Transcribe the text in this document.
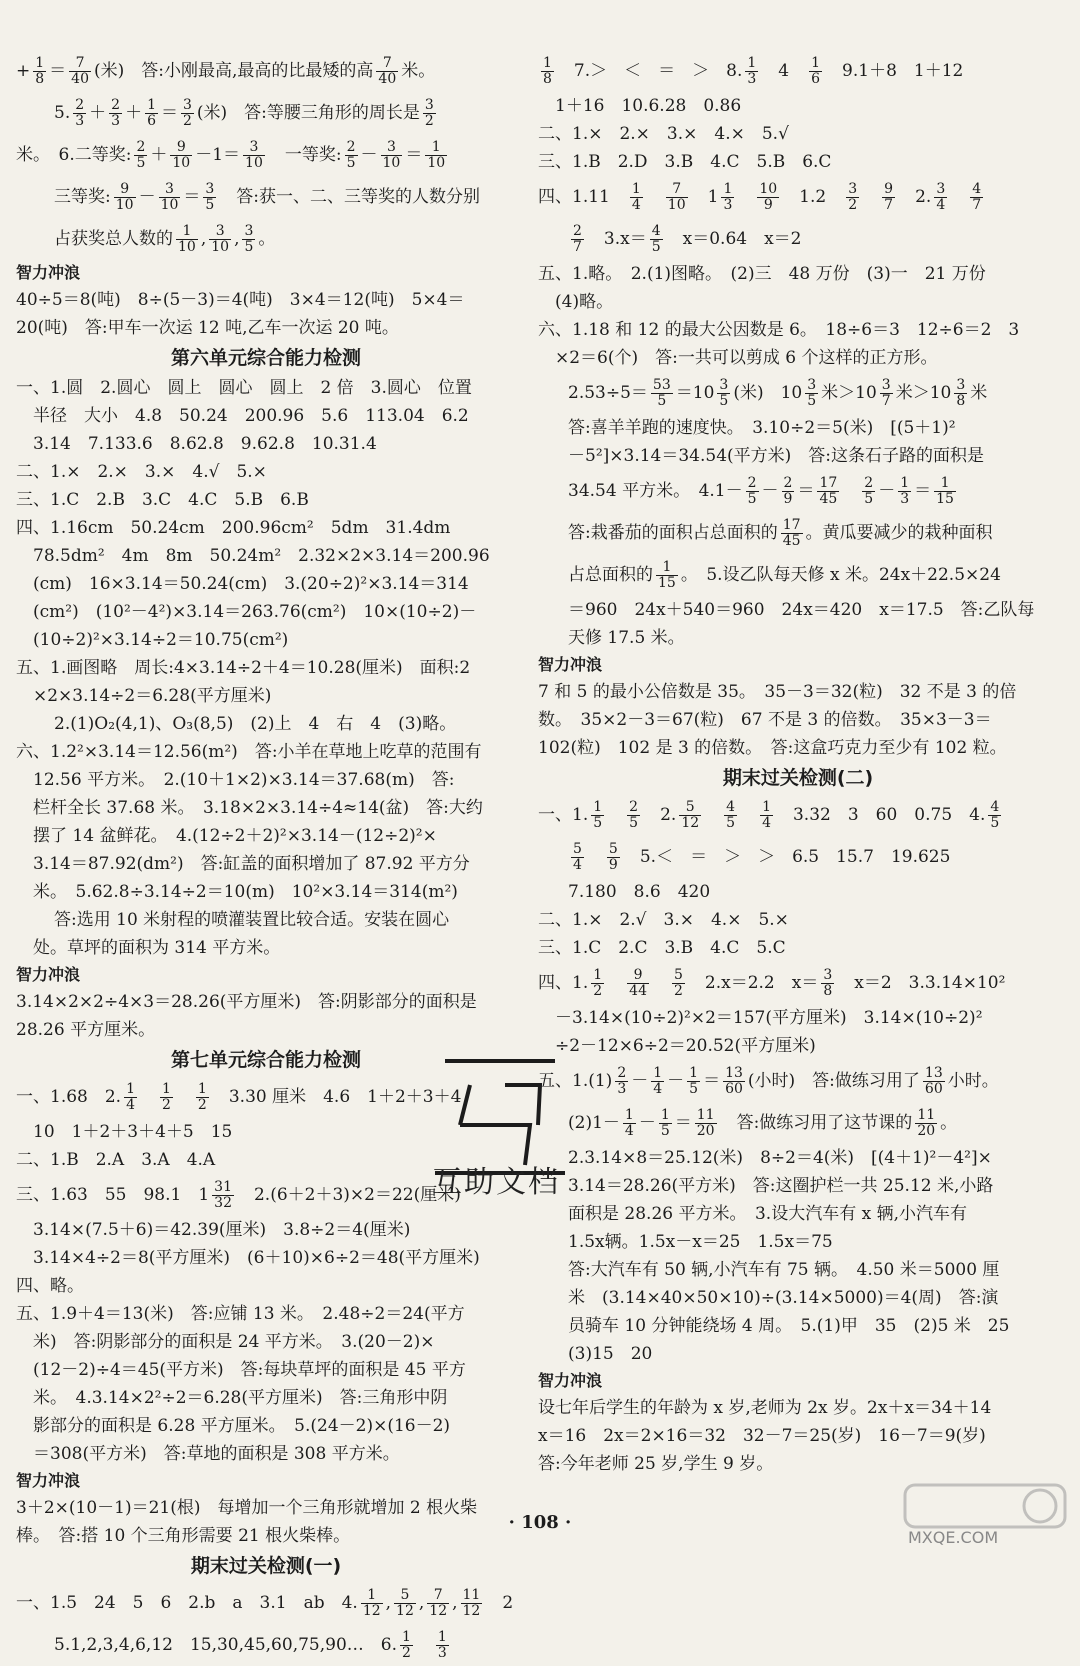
+ $\frac{1}{8} = \frac{7}{40}$ (米)　答:小刚最高,最高的比最矮的高 $\frac{7}{40}$ 米。
5. $\frac{2}{3} + \frac{2}{3} + \frac{1}{6} = \frac{3}{2}$ (米)　答:等腰三角形的周长是 $\frac{3}{2}$
米。　6.二等奖: $\frac{2}{5} + \frac{9}{10} -1= \frac{3}{10}$ 　一等奖: $\frac{2}{5} - \frac{3}{10} = \frac{1}{10}$
三等奖: $\frac{9}{10} - \frac{3}{10} = \frac{3}{5}$ 　答:获一、二、三等奖的人数分别
占获奖总人数的 $\frac{1}{10}$ , $\frac{3}{10}$ , $\frac{3}{5}$ 。
智力冲浪
40÷5＝8(吨)　8÷(5－3)＝4(吨)　3×4＝12(吨)　5×4＝
20(吨)　答:甲车一次运 12 吨,乙车一次运 20 吨。
第六单元综合能力检测
一、1.圆　2.圆心　圆上　圆心　圆上　2 倍　3.圆心　位置
　半径　大小　4.8　50.24　200.96　5.6　113.04　6.2
　3.14　7.133.6　8.62.8　9.62.8　10.31.4
二、1.×　2.×　3.×　4.√　5.×
三、1.C　2.B　3.C　4.C　5.B　6.B
四、1.16cm　50.24cm　200.96cm²　5dm　31.4dm
　78.5dm²　4m　8m　50.24m²　2.32×2×3.14＝200.96
　(cm)　16×3.14＝50.24(cm)　3.(20÷2)²×3.14＝314
　(cm²)　(10²－4²)×3.14＝263.76(cm²)　10×(10÷2)－
　(10÷2)²×3.14÷2＝10.75(cm²)
五、1.画图略　周长:4×3.14÷2＋4＝10.28(厘米)　面积:2
　×2×3.14÷2＝6.28(平方厘米)
2.(1)O₂(4,1)、O₃(8,5)　(2)上　4　右　4　(3)略。
六、1.2²×3.14＝12.56(m²)　答:小羊在草地上吃草的范围有
　12.56 平方米。　2.(10＋1×2)×3.14＝37.68(m)　答:
　栏杆全长 37.68 米。　3.18×2×3.14÷4≈14(盆)　答:大约
　摆了 14 盆鲜花。　4.(12÷2＋2)²×3.14－(12÷2)²×
　3.14＝87.92(dm²)　答:缸盖的面积增加了 87.92 平方分
　米。　5.62.8÷3.14÷2＝10(m)　10²×3.14＝314(m²)
答:选用 10 米射程的喷灌装置比较合适。安装在圆心
　处。草坪的面积为 314 平方米。
智力冲浪
3.14×2×2÷4×3＝28.26(平方厘米)　答:阴影部分的面积是
28.26 平方厘米。
第七单元综合能力检测
一、1.68　2. $\frac{1}{4}$
　 $\frac{1}{2}$
　 $\frac{1}{2}$ 　3.30 厘米　4.6　1＋2＋3＋4
　10　1＋2＋3＋4＋5　15
二、1.B　2.A　3.A　4.A
三、1.63　55　98.1　$1 \frac{31}{32}$ 　2.(6＋2＋3)×2＝22(厘米)
　3.14×(7.5＋6)＝42.39(厘米)　3.8÷2＝4(厘米)
　3.14×4÷2＝8(平方厘米)　(6＋10)×6÷2＝48(平方厘米)
四、略。
五、1.9＋4＝13(米)　答:应铺 13 米。　2.48÷2＝24(平方
　米)　答:阴影部分的面积是 24 平方米。　3.(20－2)×
　(12－2)÷4＝45(平方米)　答:每块草坪的面积是 45 平方
　米。　4.3.14×2²÷2＝6.28(平方厘米)　答:三角形中阴
　影部分的面积是 6.28 平方厘米。　5.(24－2)×(16－2)
　＝308(平方米)　答:草地的面积是 308 平方米。
智力冲浪
3＋2×(10－1)＝21(根)　每增加一个三角形就增加 2 根火柴
棒。　答:搭 10 个三角形需要 21 根火柴棒。
期末过关检测(一)
一、1.5　24　5　6　2.b　a　3.1　ab　4. $\frac{1}{12}$ , $\frac{5}{12}$ , $\frac{7}{12}$ , $\frac{11}{12}$ 　2
5.1,2,3,4,6,12　15,30,45,60,75,90…　6. $\frac{1}{2}$
　 $\frac{1}{3}$
$\frac{1}{8}$ 　7.＞　＜　＝　＞　8. $\frac{1}{3}$ 　4　 $\frac{1}{6}$ 　9.1＋8　1＋12
　1＋16　10.6.28　0.86
二、1.×　2.×　3.×　4.×　5.√
三、1.B　2.D　3.B　4.C　5.B　6.C
四、1.11　 $\frac{1}{4}$
　 $\frac{7}{10}$ 　$1 \frac{1}{3}$
　 $\frac{10}{9}$ 　1.2　 $\frac{3}{2}$
　 $\frac{9}{7}$ 　2. $\frac{3}{4}$
　 $\frac{4}{7}$
$\frac{2}{7}$ 　$3.x= \frac{4}{5}$ 　x＝0.64　x＝2
五、1.略。　2.(1)图略。　(2)三　48 万份　(3)一　21 万份
　(4)略。
六、1.18 和 12 的最大公因数是 6。　18÷6＝3　12÷6＝2　3
　×2＝6(个)　答:一共可以剪成 6 个这样的正方形。
$2.53\div 5= \frac{53}{5} =10 \frac{3}{5}$ (米)　$10 \frac{3}{5}$ 米$>10 \frac{3}{7}$ 米$>10 \frac{3}{8}$ 米
答:喜羊羊跑的速度快。　3.10÷2＝5(米)　[(5＋1)²
－5²]×3.14＝34.54(平方米)　答:这条石子路的面积是
34.54 平方米。　$4.1- \frac{2}{5} - \frac{2}{9} = \frac{17}{45}$
　 $\frac{2}{5} - \frac{1}{3} = \frac{1}{15}$
答:栽番茄的面积占总面积的 $\frac{17}{45}$ 。黄瓜要减少的栽种面积
占总面积的 $\frac{1}{15}$ 。　5.设乙队每天修 x 米。24x＋22.5×24
＝960　24x＋540＝960　24x＝420　x＝17.5　答:乙队每
天修 17.5 米。
智力冲浪
7 和 5 的最小公倍数是 35。　35－3＝32(粒)　32 不是 3 的倍
数。　35×2－3＝67(粒)　67 不是 3 的倍数。　35×3－3＝
102(粒)　102 是 3 的倍数。　答:这盒巧克力至少有 102 粒。
期末过关检测(二)
一、1. $\frac{1}{5}$
　 $\frac{2}{5}$ 　2. $\frac{5}{12}$
　 $\frac{4}{5}$
　 $\frac{1}{4}$ 　3.32　3　60　0.75　4. $\frac{4}{5}$
$\frac{5}{4}$
　 $\frac{5}{9}$ 　5.＜　＝　＞　＞　6.5　15.7　19.625
7.180　8.6　420
二、1.×　2.√　3.×　4.×　5.×
三、1.C　2.C　3.B　4.C　5.C
四、1. $\frac{1}{2}$
　 $\frac{9}{44}$
　 $\frac{5}{2}$ 　2.x＝2.2　$x= \frac{3}{8}$ 　x＝2　3.3.14×10²
　－3.14×(10÷2)²×2＝157(平方厘米)　3.14×(10÷2)²
　÷2－12×6÷2＝20.52(平方厘米)
五、$1.(1) \frac{2}{3} - \frac{1}{4} - \frac{1}{5} = \frac{13}{60}$ (小时)　答:做练习用了 $\frac{13}{60}$ 小时。
$(2)1- \frac{1}{4} - \frac{1}{5} = \frac{11}{20}$ 　答:做练习用了这节课的 $\frac{11}{20}$ 。
2.3.14×8＝25.12(米)　8÷2＝4(米)　[(4＋1)²－4²]×
3.14＝28.26(平方米)　答:这圈护栏一共 25.12 米,小路
面积是 28.26 平方米。　3.设大汽车有 x 辆,小汽车有
1.5x辆。1.5x－x＝25　1.5x＝75
答:大汽车有 50 辆,小汽车有 75 辆。　4.50 米＝5000 厘
米　(3.14×40×50×10)÷(3.14×5000)＝4(周)　答:演
员骑车 10 分钟能绕场 4 周。　5.(1)甲　35　(2)5 米　25
(3)15　20
智力冲浪
设七年后学生的年龄为 x 岁,老师为 2x 岁。2x＋x＝34＋14
x＝16　2x＝2×16＝32　32－7＝25(岁)　16－7＝9(岁)
答:今年老师 25 岁,学生 9 岁。
互助文档
· 108 ·
MXQE.COM
